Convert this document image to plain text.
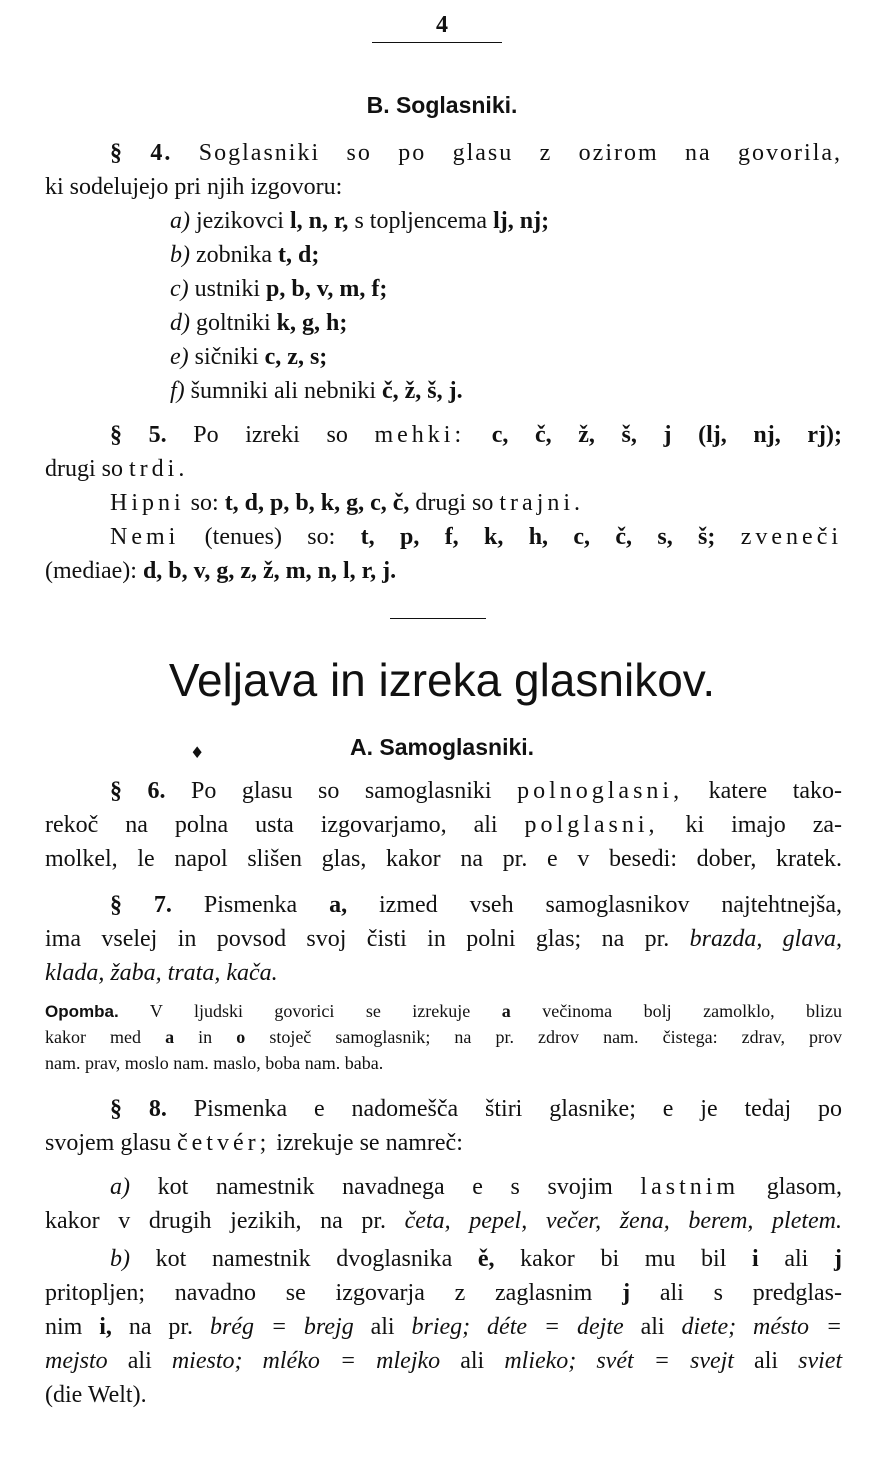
4
B. Soglasniki.
§ 4. Soglasniki so po glasu z ozirom na govorila,
ki sodelujejo pri njih izgovoru:
a) jezikovci l, n, r, s topljencema lj, nj;
b) zobnika t, d;
c) ustniki p, b, v, m, f;
d) goltniki k, g, h;
e) sičniki c, z, s;
f) šumniki ali nebniki č, ž, š, j.
§ 5. Po izreki so mehki: c, č, ž, š, j (lj, nj, rj);
drugi so trdi.
Hipni so: t, d, p, b, k, g, c, č, drugi so trajni.
Nemi (tenues) so: t, p, f, k, h, c, č, s, š; zveneči
(mediae): d, b, v, g, z, ž, m, n, l, r, j.
Veljava in izreka glasnikov.
♦	A. Samoglasniki.
§ 6. Po glasu so samoglasniki polnoglasni, katere tako-
rekoč na polna usta izgovarjamo, ali polglasni, ki imajo za-
molkel, le napol slišen glas, kakor na pr. e v besedi: dober, kratek.
§ 7. Pismenka a, izmed vseh samoglasnikov najtehtnejša,
ima vselej in povsod svoj čisti in polni glas; na pr. brazda, glava,
klada, žaba, trata, kača.
Opomba. V ljudski govorici se izrekuje a večinoma bolj zamolklo, blizu
kakor med a in o stoječ samoglasnik; na pr. zdrov nam. čistega: zdrav, prov
nam. prav, moslo nam. maslo, boba nam. baba.
§ 8. Pismenka e nadomešča štiri glasnike; e je tedaj po
svojem glasu četvér; izrekuje se namreč:
a) kot namestnik navadnega e s svojim lastnim glasom,
kakor v drugih jezikih, na pr. četa, pepel, večer, žena, berem, pletem.
b) kot namestnik dvoglasnika ě, kakor bi mu bil i ali j
pritopljen; navadno se izgovarja z zaglasnim j ali s predglas-
nim i, na pr. brég = brejg ali brieg; déte = dejte ali diete; mésto =
mejsto ali miesto; mléko = mlejko ali mlieko; svét = svejt ali sviet
(die Welt).
